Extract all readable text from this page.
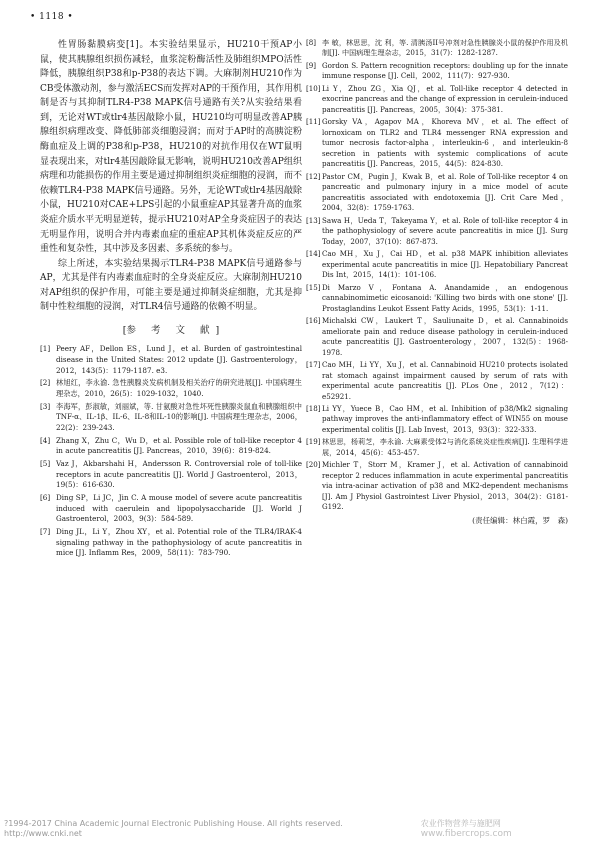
• 1118 •

性胃肠黏膜病变[1]。本实验结果显示，HU210干预AP小鼠，使其胰腺组织损伤减轻，血浆淀粉酶活性及肺组织MPO活性降低，胰腺组织P38和p-P38的表达下调。大麻制剂HU210作为CB受体激动剂，参与激活ECS而发挥对AP的干预作用，其作用机制是否与其抑制TLR4-P38 MAPK信号通路有关?从实验结果看到，无论对WT或tlr4基因敲除小鼠，HU210均可明显改善AP胰腺组织病理改变、降低肺部炎细胞浸润；而对于AP时的高胰淀粉酶血症及上调的P38和p-P38，HU210的对抗作用仅在WT鼠明显表现出来，对tlr4基因敲除鼠无影响，说明HU210改善AP组织病理和功能损伤的作用主要是通过抑制组织炎症细胞的浸润，而不依赖TLR4-P38 MAPK信号通路。另外，无论WT或tlr4基因敲除小鼠，HU210对CAE+LPS引起的小鼠重症AP其显著升高的血浆炎症介质水平无明显逆转，提示HU210对AP全身炎症因子的表达无明显作用，说明合并内毒素血症的重症AP其机体炎症反应的严重性和复杂性，其中涉及多因素、多系统的参与。

综上所述，本实验结果揭示TLR4-P38 MAPK信号通路参与AP，尤其是伴有内毒素血症时的全身炎症反应。大麻制剂HU210对AP组织的保护作用，可能主要是通过抑制炎症细胞，尤其是抑制中性粒细胞的浸润，对TLR4信号通路的依赖不明显。

[参 考 文 献]
[1] Peery AF，Dellon ES，Lund J，et al. Burden of gastrointestinal disease in the United States: 2012 update [J]. Gastroenterology，2012，143(5)：1179-1187. e3.
[2] 林旭红，李永渝. 急性胰腺炎发病机制及相关治疗的研究进展[J]. 中国病理生理杂志，2010，26(5)：1029-1032，1040.
[3] 李海军，彭淑敏，刘丽斌，等. 甘氨酸对急性坏死性胰腺炎鼠血和胰腺组织中TNF-α、IL-1β、IL-6、IL-8和IL-10的影响[J]. 中国病理生理杂志，2006，22(2)：239-243.
[4] Zhang X，Zhu C，Wu D，et al. Possible role of toll-like receptor 4 in acute pancreatitis [J]. Pancreas，2010，39(6)：819-824.
[5] Vaz J，Akbarshahi H，Andersson R. Controversial role of toll-like receptors in acute pancreatitis [J]. World J Gastroenterol，2013，19(5)：616-630.
[6] Ding SP，Li JC，Jin C. A mouse model of severe acute pancreatitis induced with caerulein and lipopolysaccharide [J]. World J Gastroenterol，2003，9(3)：584-589.
[7] Ding JL，Li Y，Zhou XY，et al. Potential role of the TLR4/IRAK-4 signaling pathway in the pathophysiology of acute pancreatitis in mice [J]. Inflamm Res，2009，58(11)：783-790.
[8] 李 敏，林思思，沈 利，等. 清胰汤II号冲剂对急性胰腺炎小鼠的保护作用及机制[J]. 中国病理生理杂志，2015，31(7)：1282-1287.
[9] Gordon S. Pattern recognition receptors: doubling up for the innate immune response [J]. Cell，2002，111(7)：927-930.
[10] Li Y，Zhou ZG，Xia QJ，et al. Toll-like receptor 4 detected in exocrine pancreas and the change of expression in cerulein-induced pancreatitis [J]. Pancreas，2005，30(4)：375-381.
[11] Gorsky VA，Agapov MA，Khoreva MV，et al. The effect of lornoxicam on TLR2 and TLR4 messenger RNA expression and tumor necrosis factor-alpha，interleukin-6，and interleukin-8 secretion in patients with systemic complications of acute pancreatitis [J]. Pancreas，2015，44(5)：824-830.
[12] Pastor CM，Pugin J，Kwak B，et al. Role of Toll-like receptor 4 on pancreatic and pulmonary injury in a mice model of acute pancreatitis associated with endotoxemia [J]. Crit Care Med，2004，32(8)：1759-1763.
[13] Sawa H，Ueda T，Takeyama Y，et al. Role of toll-like receptor 4 in the pathophysiology of severe acute pancreatitis in mice [J]. Surg Today，2007，37(10)：867-873.
[14] Cao MH，Xu J，Cai HD，et al. p38 MAPK inhibition alleviates experimental acute pancreatitis in mice [J]. Hepatobiliary Pancreat Dis Int，2015，14(1)：101-106.
[15] Di Marzo V，Fontana A. Anandamide，an endogenous cannabinomimetic eicosanoid: 'Killing two birds with one stone' [J]. Prostaglandins Leukot Essent Fatty Acids，1995，53(1)：1-11.
[16] Michalski CW，Laukert T，Sauliunaite D，et al. Cannabinoids ameliorate pain and reduce disease pathology in cerulein-induced acute pancreatitis [J]. Gastroenterology，2007，132(5)：1968-1978.
[17] Cao MH，Li YY，Xu J，et al. Cannabinoid HU210 protects isolated rat stomach against impairment caused by serum of rats with experimental acute pancreatitis [J]. PLos One，2012，7(12)：e52921.
[18] Li YY，Yuece B，Cao HM，et al. Inhibition of p38/Mk2 signaling pathway improves the anti-inflammatory effect of WIN55 on mouse experimental colitis [J]. Lab Invest，2013，93(3)：322-333.
[19] 林思思，杨莉芝，李永渝. 大麻素受体2与消化系统炎症性疾病[J]. 生理科学进展，2014，45(6)：453-457.
[20] Michler T，Storr M，Kramer J，et al. Activation of cannabinoid receptor 2 reduces inflammation in acute experimental pancreatitis via intra-acinar activation of p38 and MK2-dependent mechanisms [J]. Am J Physiol Gastrointest Liver Physiol，2013，304(2)：G181-G192.
(责任编辑：林白霞，罗　森)
?1994-2017 China Academic Journal Electronic Publishing House. All rights reserved.　http://www.cnki.net
农业作物营养与施肥网 www.fibercrops.com
